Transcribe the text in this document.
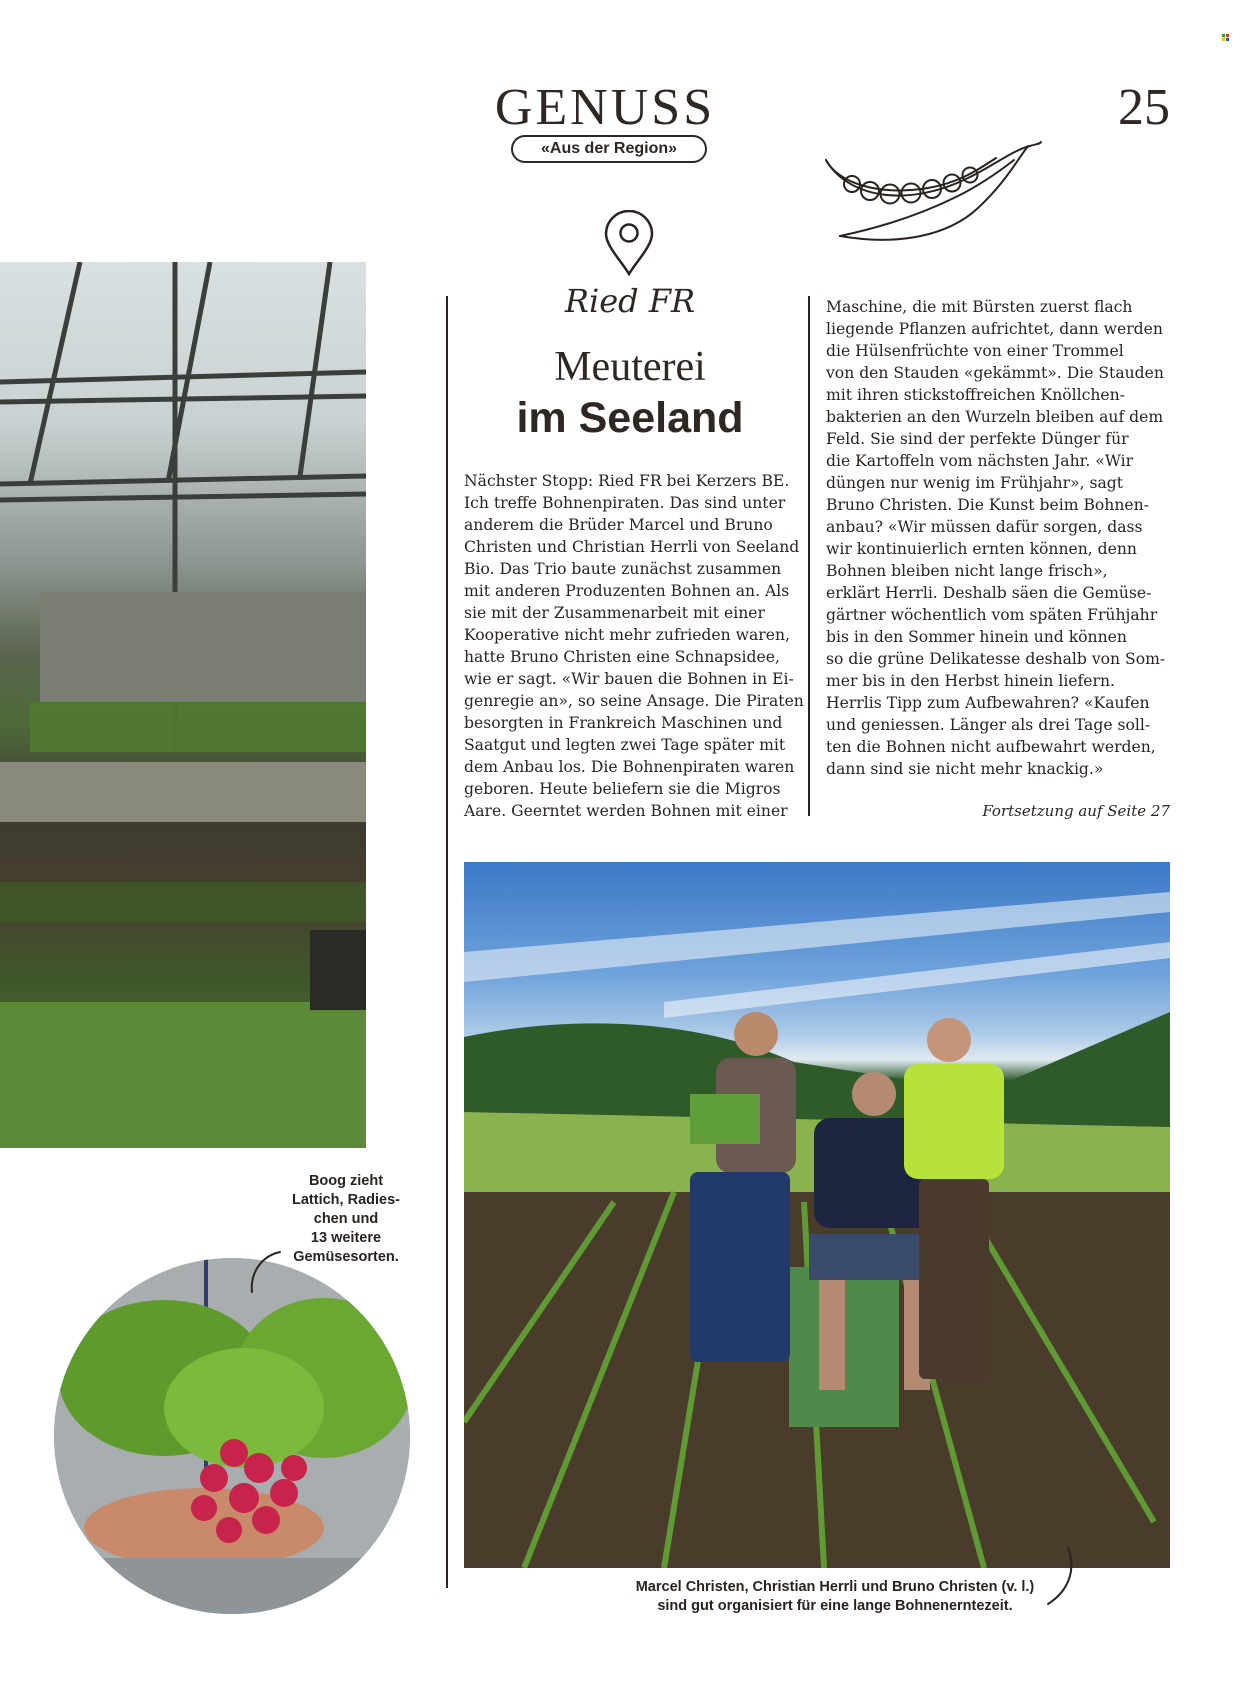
GENUSS
«Aus der Region»
25
Ried FR
Meuterei
im Seeland
Nächster Stopp: Ried FR bei Kerzers BE.
Ich treffe Bohnenpiraten. Das sind unter
anderem die Brüder Marcel und Bruno
Christen und Christian Herrli von Seeland
Bio. Das Trio baute zunächst zusammen
mit anderen Produzenten Bohnen an. Als
sie mit der Zusammenarbeit mit einer
Kooperative nicht mehr zufrieden waren,
hatte Bruno Christen eine Schnapsidee,
wie er sagt. «Wir bauen die Bohnen in Ei-
genregie an», so seine Ansage. Die Piraten
besorgten in Frankreich Maschinen und
Saatgut und legten zwei Tage später mit
dem Anbau los. Die Bohnenpiraten waren
geboren. Heute beliefern sie die Migros
Aare. Geerntet werden Bohnen mit einer
Maschine, die mit Bürsten zuerst flach
liegende Pflanzen aufrichtet, dann werden
die Hülsenfrüchte von einer Trommel
von den Stauden «gekämmt». Die Stauden
mit ihren stickstoffreichen Knöllchen-
bakterien an den Wurzeln bleiben auf dem
Feld. Sie sind der perfekte Dünger für
die Kartoffeln vom nächsten Jahr. «Wir
düngen nur wenig im Frühjahr», sagt
Bruno Christen. Die Kunst beim Bohnen-
anbau? «Wir müssen dafür sorgen, dass
wir kontinuierlich ernten können, denn
Bohnen bleiben nicht lange frisch»,
erklärt Herrli. Deshalb säen die Gemüse-
gärtner wöchentlich vom späten Frühjahr
bis in den Sommer hinein und können
so die grüne Delikatesse deshalb von Som-
mer bis in den Herbst hinein liefern.
Herrlis Tipp zum Aufbewahren? «Kaufen
und geniessen. Länger als drei Tage soll-
ten die Bohnen nicht aufbewahrt werden,
dann sind sie nicht mehr knackig.»
Fortsetzung auf Seite 27
Boog zieht
Lattich, Radies-
chen und
13 weitere
Gemüsesorten.
Marcel Christen, Christian Herrli und Bruno Christen (v. l.)
sind gut organisiert für eine lange Bohnenerntezeit.
